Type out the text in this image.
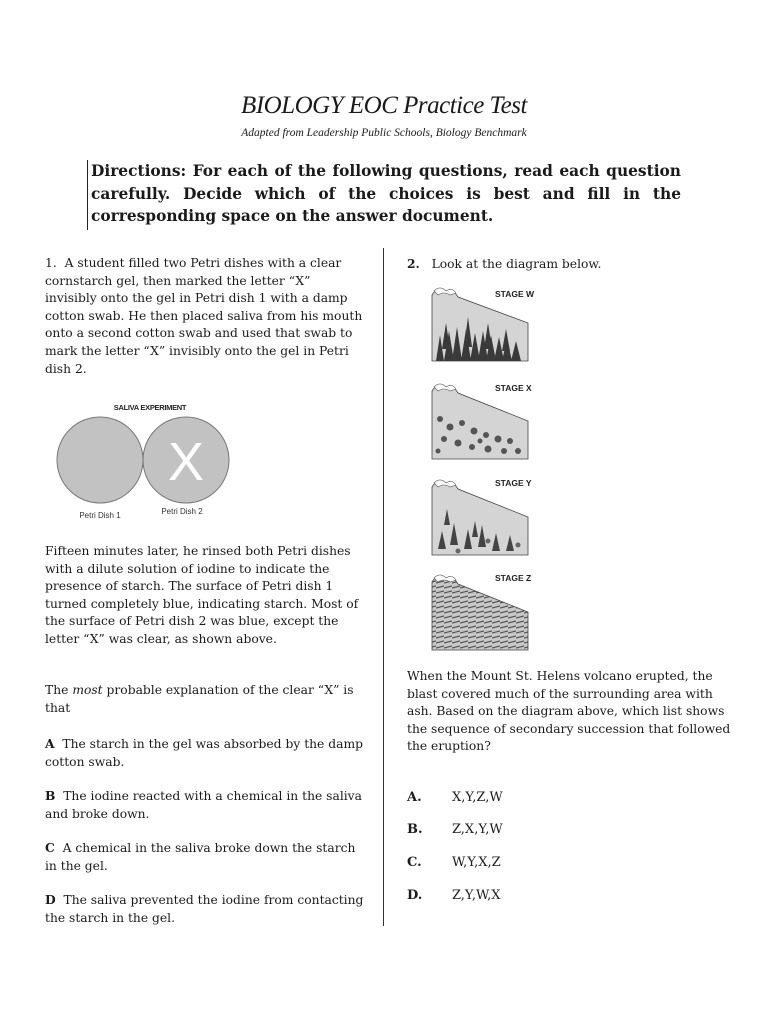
BIOLOGY EOC Practice Test
Adapted from Leadership Public Schools, Biology Benchmark
Directions: For each of the following questions, read each question carefully. Decide which of the choices is best and fill in the corresponding space on the answer document.

1. A student filled two Petri dishes with a clear cornstarch gel, then marked the letter “X” invisibly onto the gel in Petri dish 1 with a damp cotton swab. He then placed saliva from his mouth onto a second cotton swab and used that swab to mark the letter “X” invisibly onto the gel in Petri dish 2.

SALIVA EXPERIMENT
X
Petri Dish 1	Petri Dish 2
Fifteen minutes later, he rinsed both Petri dishes with a dilute solution of iodine to indicate the presence of starch. The surface of Petri dish 1 turned completely blue, indicating starch. Most of the surface of Petri dish 2 was blue, except the letter “X” was clear, as shown above.
The most probable explanation of the clear “X” is that
A The starch in the gel was absorbed by the damp cotton swab.
B The iodine reacted with a chemical in the saliva and broke down.
C A chemical in the saliva broke down the starch in the gel.
D The saliva prevented the iodine from contacting the starch in the gel.

2. Look at the diagram below.

STAGE W
STAGE X
STAGE Y
STAGE Z
When the Mount St. Helens volcano erupted, the blast covered much of the surrounding area with ash. Based on the diagram above, which list shows the sequence of secondary succession that followed the eruption?
A. X,Y,Z,W
B. Z,X,Y,W
C. W,Y,X,Z
D. Z,Y,W,X
